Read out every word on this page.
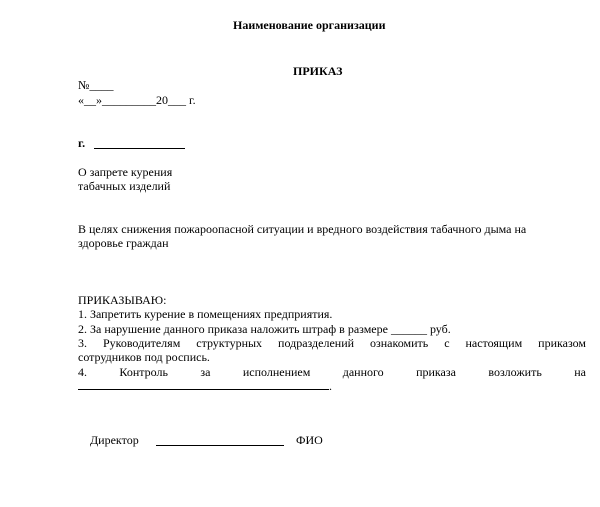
Наименование организации
ПРИКАЗ
№____
«__»_________20___ г.
г.
О запрете курения
табачных изделий
В целях снижения пожароопасной ситуации и вредного воздействия табачного дыма на
здоровье граждан
ПРИКАЗЫВАЮ:
1. Запретить курение в помещениях предприятия.
2. За нарушение данного приказа наложить штраф в размере ______ руб.
3. Руководителям структурных подразделений ознакомить с настоящим приказом
сотрудников под роспись.
4.	Контроль	за	исполнением	данного	приказа	возложить	на
.
Директор	ФИО
